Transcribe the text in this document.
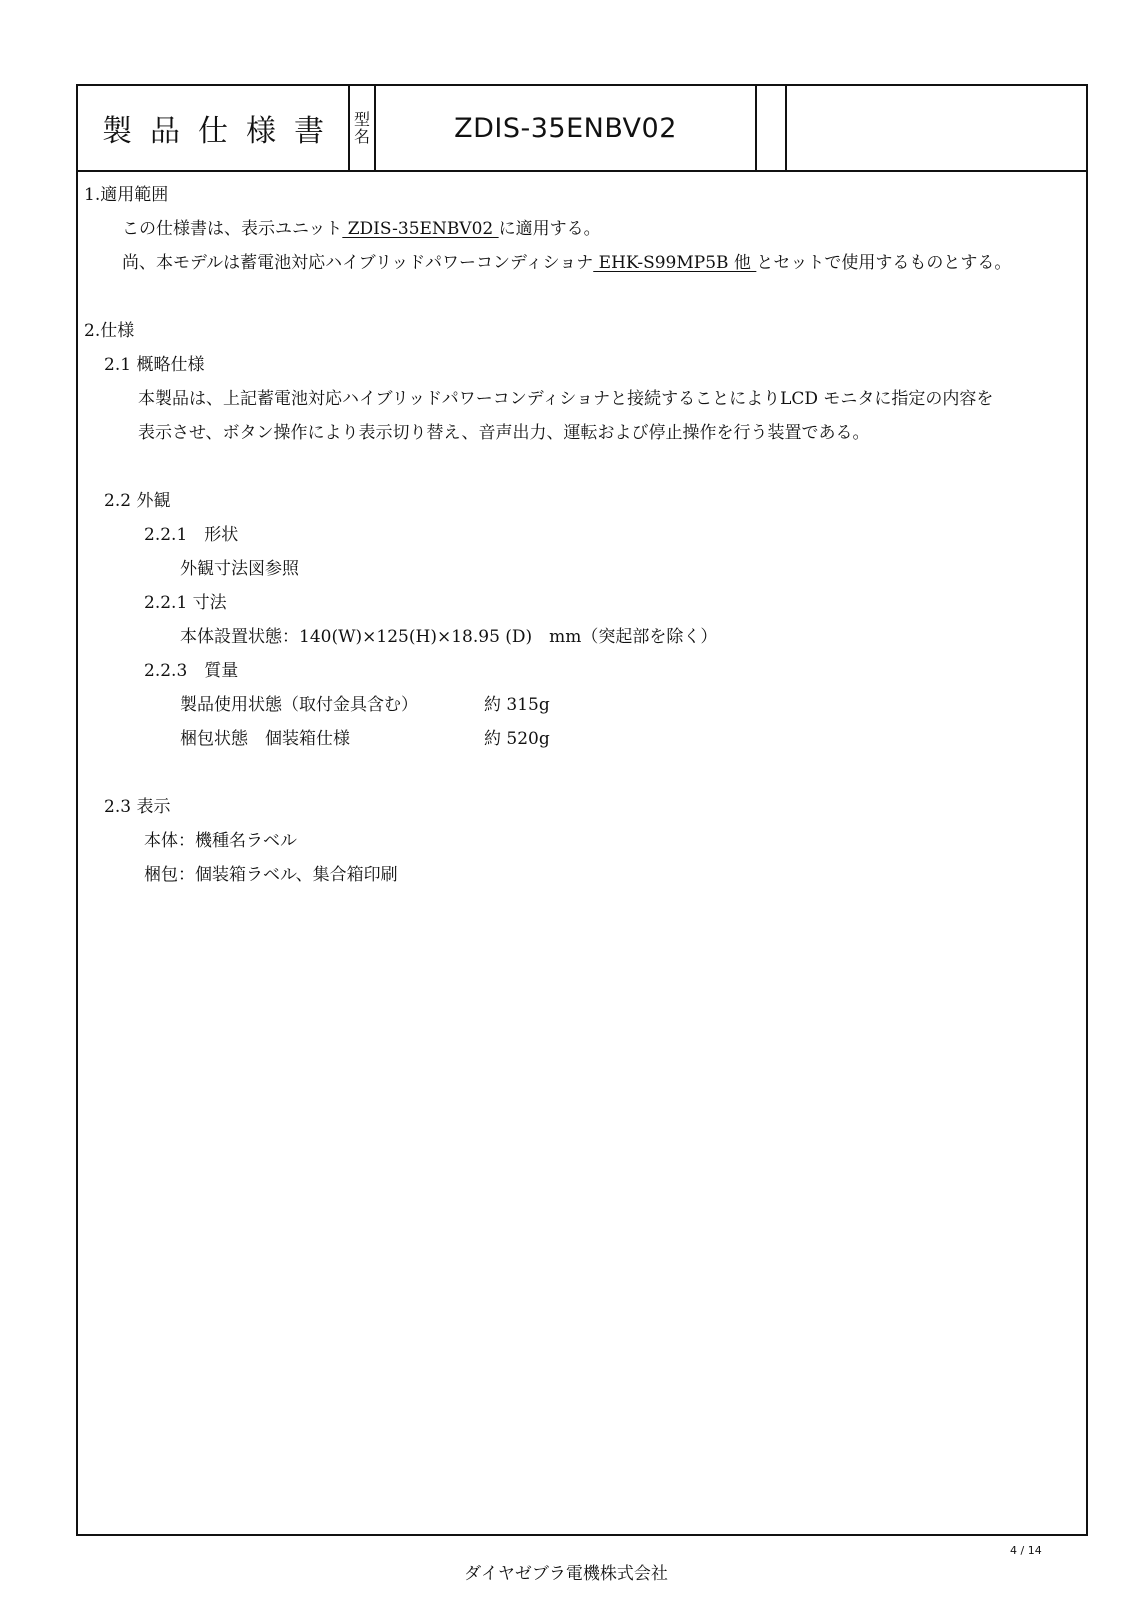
製品仕様書 型名	ZDIS-35ENBV02
1.適用範囲
この仕様書は、表示ユニット ZDIS-35ENBV02 に適用する。
尚、本モデルは蓄電池対応ハイブリッドパワーコンディショナ EHK-S99MP5B 他 とセットで使用するものとする。
2.仕様
2.1 概略仕様
本製品は、上記蓄電池対応ハイブリッドパワーコンディショナと接続することによりLCD モニタに指定の内容を
表示させ、ボタン操作により表示切り替え、音声出力、運転および停止操作を行う装置である。
2.2 外観
2.2.1　形状
外観寸法図参照
2.2.1 寸法
本体設置状態：140(W)×125(H)×18.95 (D)　mm（突起部を除く）
2.2.3　質量
製品使用状態（取付金具含む）	約 315g
梱包状態　個装箱仕様	約 520g
2.3 表示
本体：機種名ラベル
梱包：個装箱ラベル、集合箱印刷
ダイヤゼブラ電機株式会社
4 / 14
